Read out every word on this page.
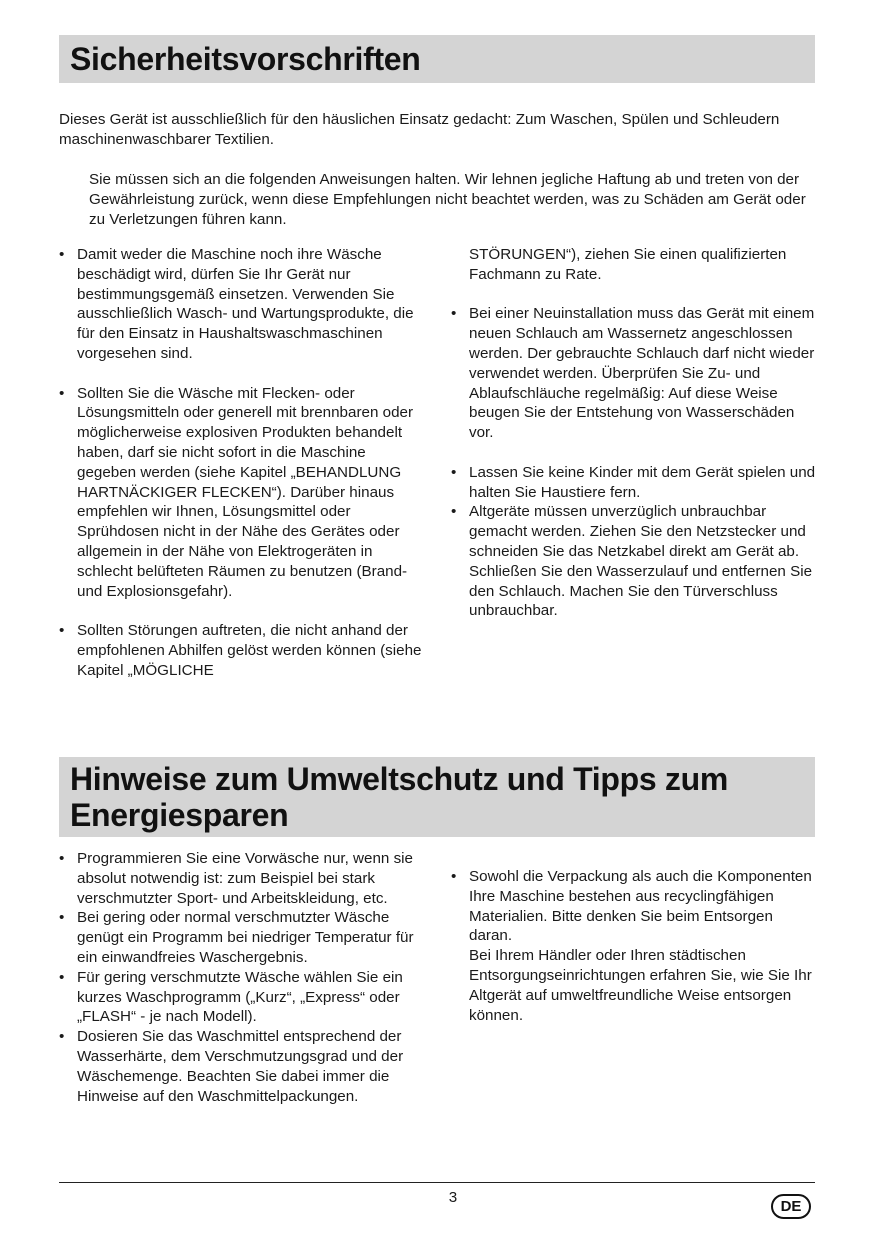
Sicherheitsvorschriften

Dieses Gerät ist ausschließlich für den häuslichen Einsatz gedacht: Zum Waschen, Spülen und Schleudern maschinenwaschbarer Textilien.

Sie müssen sich an die folgenden Anweisungen halten. Wir lehnen jegliche Haftung ab und treten von der Gewährleistung zurück, wenn diese Empfehlungen nicht beachtet werden, was zu Schäden am Gerät oder zu Verletzungen führen kann.

• Damit weder die Maschine noch ihre Wäsche beschädigt wird, dürfen Sie Ihr Gerät nur bestimmungsgemäß einsetzen. Verwenden Sie ausschließlich Wasch- und Wartungsprodukte, die für den Einsatz in Haushaltswaschmaschinen vorgesehen sind.
• Sollten Sie die Wäsche mit Flecken- oder Lösungsmitteln oder generell mit brennbaren oder möglicherweise explosiven Produkten behandelt haben, darf sie nicht sofort in die Maschine gegeben werden (siehe Kapitel „BEHANDLUNG HARTNÄCKIGER FLECKEN“). Darüber hinaus empfehlen wir Ihnen, Lösungsmittel oder Sprühdosen nicht in der Nähe des Gerätes oder allgemein in der Nähe von Elektrogeräten in schlecht belüfteten Räumen zu benutzen (Brand- und Explosionsgefahr).
• Sollten Störungen auftreten, die nicht anhand der empfohlenen Abhilfen gelöst werden können (siehe Kapitel „MÖGLICHE
STÖRUNGEN“), ziehen Sie einen qualifizierten Fachmann zu Rate.
• Bei einer Neuinstallation muss das Gerät mit einem neuen Schlauch am Wassernetz angeschlossen werden. Der gebrauchte Schlauch darf nicht wieder verwendet werden. Überprüfen Sie Zu- und Ablaufschläuche regelmäßig: Auf diese Weise beugen Sie der Entstehung von Wasserschäden vor.
• Lassen Sie keine Kinder mit dem Gerät spielen und halten Sie Haustiere fern.
• Altgeräte müssen unverzüglich unbrauchbar gemacht werden. Ziehen Sie den Netzstecker und schneiden Sie das Netzkabel direkt am Gerät ab. Schließen Sie den Wasserzulauf und entfernen Sie den Schlauch. Machen Sie den Türverschluss unbrauchbar.
Hinweise zum Umweltschutz und Tipps zum
Energiesparen
• Programmieren Sie eine Vorwäsche nur, wenn sie absolut notwendig ist: zum Beispiel bei stark verschmutzter Sport- und Arbeitskleidung, etc.
• Bei gering oder normal verschmutzter Wäsche genügt ein Programm bei niedriger Temperatur für ein einwandfreies Waschergebnis.
• Für gering verschmutzte Wäsche wählen Sie ein kurzes Waschprogramm („Kurz“, „Express“ oder „FLASH“ - je nach Modell).
• Dosieren Sie das Waschmittel entsprechend der Wasserhärte, dem Verschmutzungsgrad und der Wäschemenge. Beachten Sie dabei immer die Hinweise auf den Waschmittelpackungen.
• Sowohl die Verpackung als auch die Komponenten Ihre Maschine bestehen aus recyclingfähigen Materialien. Bitte denken Sie beim Entsorgen daran.
Bei Ihrem Händler oder Ihren städtischen Entsorgungseinrichtungen erfahren Sie, wie Sie Ihr Altgerät auf umweltfreundliche Weise entsorgen können.
3
DE
